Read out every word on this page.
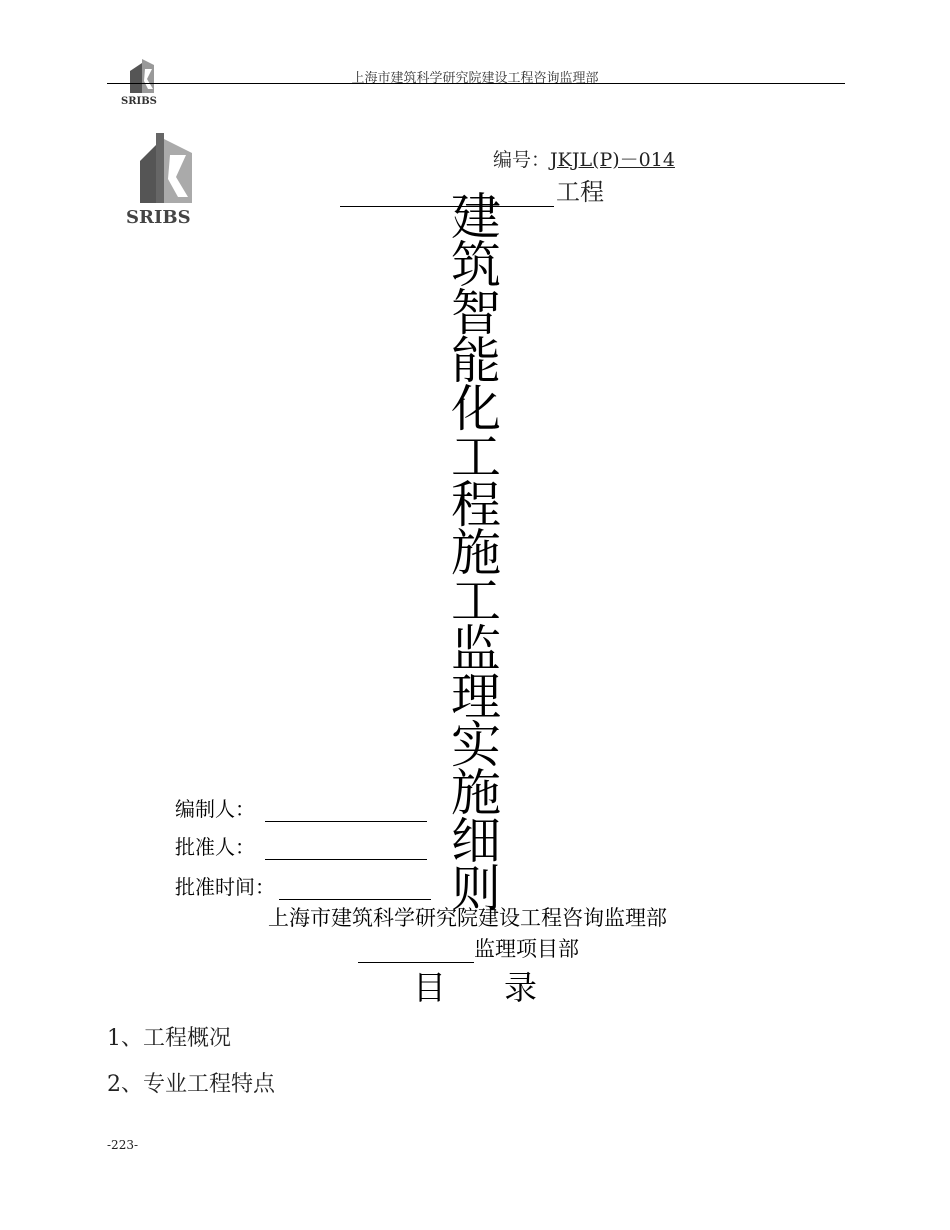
SRIBS
上海市建筑科学研究院建设工程咨询监理部
SRIBS
编号：JKJL(P)－014
工程
建
筑
智
能
化
工
程
施
工
监
理
实
施
细
则
编制人：
批准人：
批准时间：
上海市建筑科学研究院建设工程咨询监理部
监理项目部
目录
1、工程概况
2、专业工程特点
-223-
